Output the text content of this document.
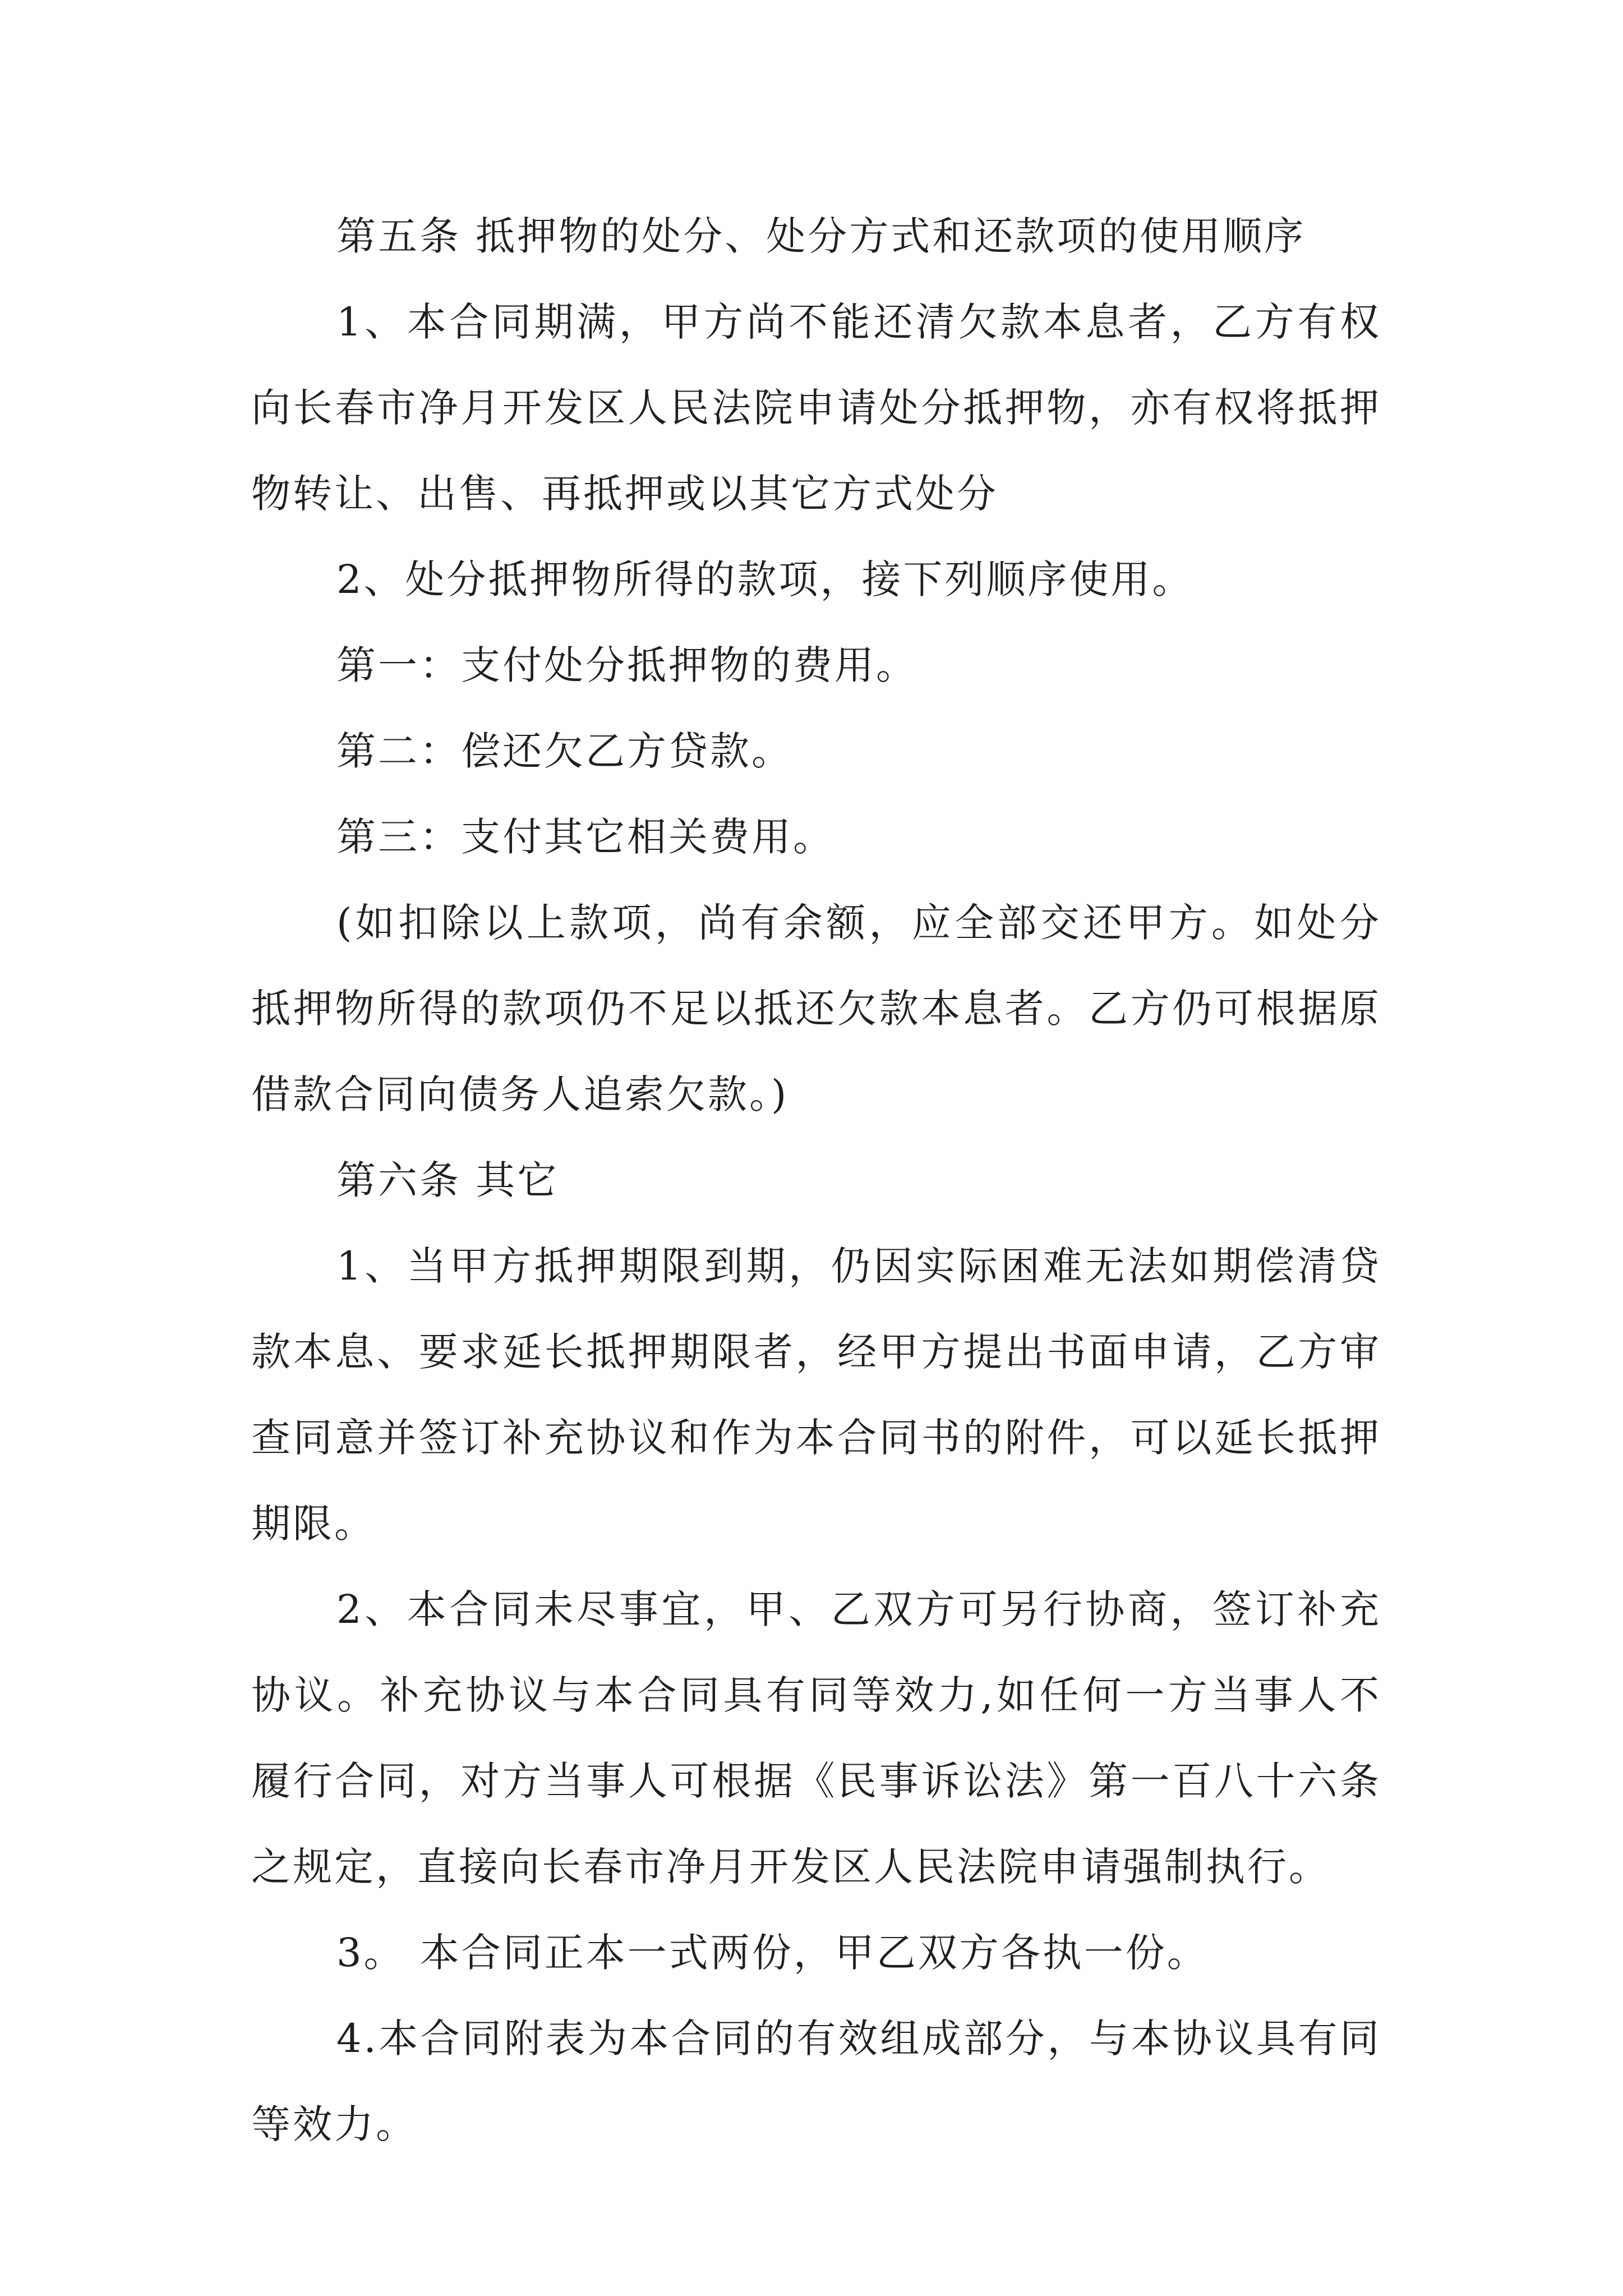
第五条 抵押物的处分、处分方式和还款项的使用顺序

1、本合同期满，甲方尚不能还清欠款本息者，乙方有权向长春市净月开发区人民法院申请处分抵押物，亦有权将抵押物转让、出售、再抵押或以其它方式处分

2、处分抵押物所得的款项，接下列顺序使用。

第一：支付处分抵押物的费用。

第二：偿还欠乙方贷款。

第三：支付其它相关费用。

(如扣除以上款项，尚有余额，应全部交还甲方。如处分抵押物所得的款项仍不足以抵还欠款本息者。乙方仍可根据原借款合同向债务人追索欠款。)

第六条 其它

1、当甲方抵押期限到期，仍因实际困难无法如期偿清贷款本息、要求延长抵押期限者，经甲方提出书面申请，乙方审查同意并签订补充协议和作为本合同书的附件，可以延长抵押期限。

2、本合同未尽事宜，甲、乙双方可另行协商，签订补充协议。补充协议与本合同具有同等效力,如任何一方当事人不履行合同，对方当事人可根据《民事诉讼法》第一百八十六条之规定，直接向长春市净月开发区人民法院申请强制执行。

3。 本合同正本一式两份，甲乙双方各执一份。

4.本合同附表为本合同的有效组成部分，与本协议具有同等效力。
